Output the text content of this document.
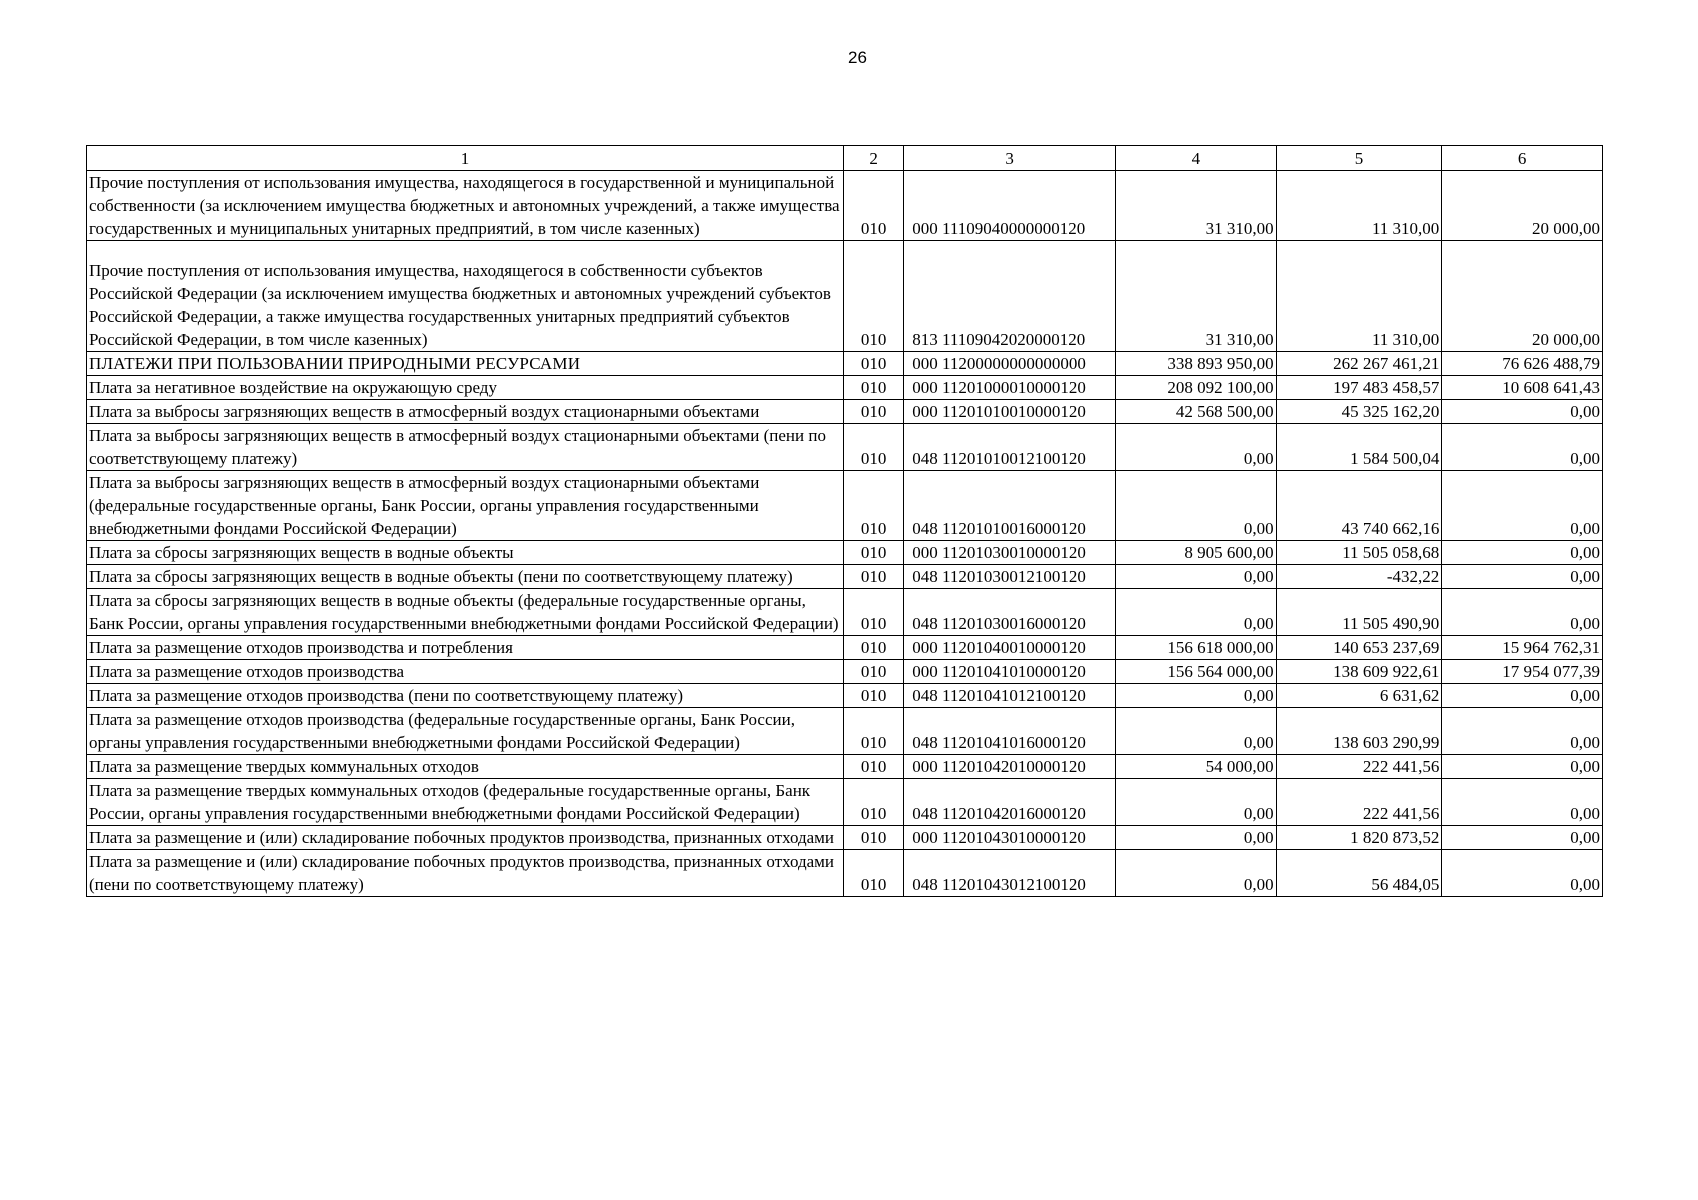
26
1	2	3	4	5	6
Прочие поступления от использования имущества, находящегося в государственной и муниципальной собственности (за исключением имущества бюджетных и автономных учреждений, а также имущества государственных и муниципальных унитарных предприятий, в том числе казенных)	010	000 11109040000000120	31 310,00	11 310,00	20 000,00
Прочие поступления от использования имущества, находящегося в собственности субъектов Российской Федерации (за исключением имущества бюджетных и автономных учреждений субъектов Российской Федерации, а также имущества государственных унитарных предприятий субъектов Российской Федерации, в том числе казенных)	010	813 11109042020000120	31 310,00	11 310,00	20 000,00
ПЛАТЕЖИ ПРИ ПОЛЬЗОВАНИИ ПРИРОДНЫМИ РЕСУРСАМИ	010	000 11200000000000000	338 893 950,00	262 267 461,21	76 626 488,79
Плата за негативное воздействие на окружающую среду	010	000 11201000010000120	208 092 100,00	197 483 458,57	10 608 641,43
Плата за выбросы загрязняющих веществ в атмосферный воздух стационарными объектами	010	000 11201010010000120	42 568 500,00	45 325 162,20	0,00
Плата за выбросы загрязняющих веществ в атмосферный воздух стационарными объектами (пени по соответствующему платежу)	010	048 11201010012100120	0,00	1 584 500,04	0,00
Плата за выбросы загрязняющих веществ в атмосферный воздух стационарными объектами (федеральные государственные органы, Банк России, органы управления государственными внебюджетными фондами Российской Федерации)	010	048 11201010016000120	0,00	43 740 662,16	0,00
Плата за сбросы загрязняющих веществ в водные объекты	010	000 11201030010000120	8 905 600,00	11 505 058,68	0,00
Плата за сбросы загрязняющих веществ в водные объекты (пени по соответствующему платежу)	010	048 11201030012100120	0,00	-432,22	0,00
Плата за сбросы загрязняющих веществ в водные объекты (федеральные государственные органы, Банк России, органы управления государственными внебюджетными фондами Российской Федерации)	010	048 11201030016000120	0,00	11 505 490,90	0,00
Плата за размещение отходов производства и потребления	010	000 11201040010000120	156 618 000,00	140 653 237,69	15 964 762,31
Плата за размещение отходов производства	010	000 11201041010000120	156 564 000,00	138 609 922,61	17 954 077,39
Плата за размещение отходов производства (пени по соответствующему платежу)	010	048 11201041012100120	0,00	6 631,62	0,00
Плата за размещение отходов производства (федеральные государственные органы, Банк России, органы управления государственными внебюджетными фондами Российской Федерации)	010	048 11201041016000120	0,00	138 603 290,99	0,00
Плата за размещение твердых коммунальных отходов	010	000 11201042010000120	54 000,00	222 441,56	0,00
Плата за размещение твердых коммунальных отходов (федеральные государственные органы, Банк России, органы управления государственными внебюджетными фондами Российской Федерации)	010	048 11201042016000120	0,00	222 441,56	0,00
Плата за размещение и (или) складирование побочных продуктов производства, признанных отходами	010	000 11201043010000120	0,00	1 820 873,52	0,00
Плата за размещение и (или) складирование побочных продуктов производства, признанных отходами (пени по соответствующему платежу)	010	048 11201043012100120	0,00	56 484,05	0,00
